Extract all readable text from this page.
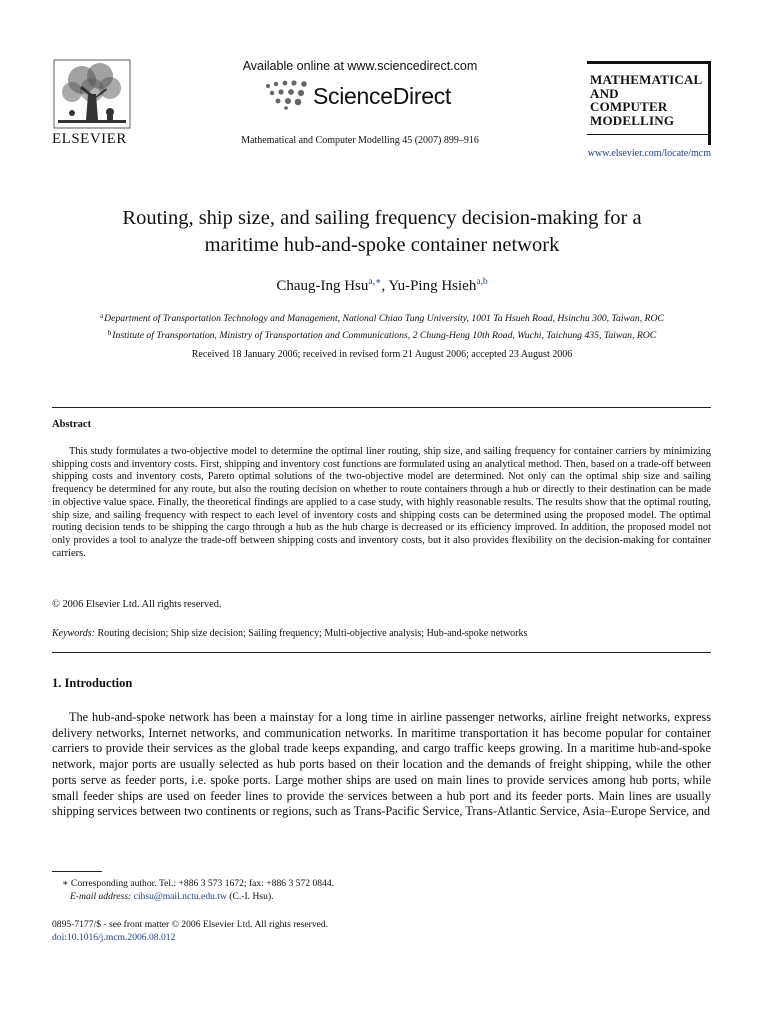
ELSEVIER
Available online at www.sciencedirect.com
ScienceDirect
Mathematical and Computer Modelling 45 (2007) 899–916
MATHEMATICAL
AND
COMPUTER
MODELLING
www.elsevier.com/locate/mcm
Routing, ship size, and sailing frequency decision-making for a
maritime hub-and-spoke container network
Chaug-Ing Hsu$^{a,∗}$, Yu-Ping Hsieh$^{a,b}$
$^a$Department of Transportation Technology and Management, National Chiao Tung University, 1001 Ta Hsueh Road, Hsinchu 300, Taiwan, ROC
$^b$Institute of Transportation, Ministry of Transportation and Communications, 2 Chung-Heng 10th Road, Wuchi, Taichung 435, Taiwan, ROC
Received 18 January 2006; received in revised form 21 August 2006; accepted 23 August 2006
Abstract

This study formulates a two-objective model to determine the optimal liner routing, ship size, and sailing frequency for container carriers by minimizing shipping costs and inventory costs. First, shipping and inventory cost functions are formulated using an analytical method. Then, based on a trade-off between shipping costs and inventory costs, Pareto optimal solutions of the two-objective model are determined. Not only can the optimal ship size and sailing frequency be determined for any route, but also the routing decision on whether to route containers through a hub or directly to their destination can be made in objective value space. Finally, the theoretical findings are applied to a case study, with highly reasonable results. The results show that the optimal routing, ship size, and sailing frequency with respect to each level of inventory costs and shipping costs can be determined using the proposed model. The optimal routing decision tends to be shipping the cargo through a hub as the hub charge is decreased or its efficiency improved. In addition, the proposed model not only provides a tool to analyze the trade-off between shipping costs and inventory costs, but it also provides flexibility on the decision-making for container carriers.

© 2006 Elsevier Ltd. All rights reserved.
Keywords: Routing decision; Ship size decision; Sailing frequency; Multi-objective analysis; Hub-and-spoke networks
1. Introduction

The hub-and-spoke network has been a mainstay for a long time in airline passenger networks, airline freight networks, express delivery networks, Internet networks, and communication networks. In maritime transportation it has become popular for container carriers to provide their services as the global trade keeps expanding, and cargo traffic keeps growing. In a maritime hub-and-spoke network, major ports are usually selected as hub ports based on their location and the demands of freight shipping, while the other ports serve as feeder ports, i.e. spoke ports. Large mother ships are used on main lines to provide services among hub ports, while small feeder ships are used on feeder lines to provide the services between a hub port and its feeder ports. Main lines are usually shipping services between two continents or regions, such as Trans-Pacific Service, Trans-Atlantic Service, Asia–Europe Service, and

∗ Corresponding author. Tel.: +886 3 573 1672; fax: +886 3 572 0844.
E-mail address: cihsu@mail.nctu.edu.tw (C.-I. Hsu).
0895-7177/$ - see front matter © 2006 Elsevier Ltd. All rights reserved.
doi:10.1016/j.mcm.2006.08.012
